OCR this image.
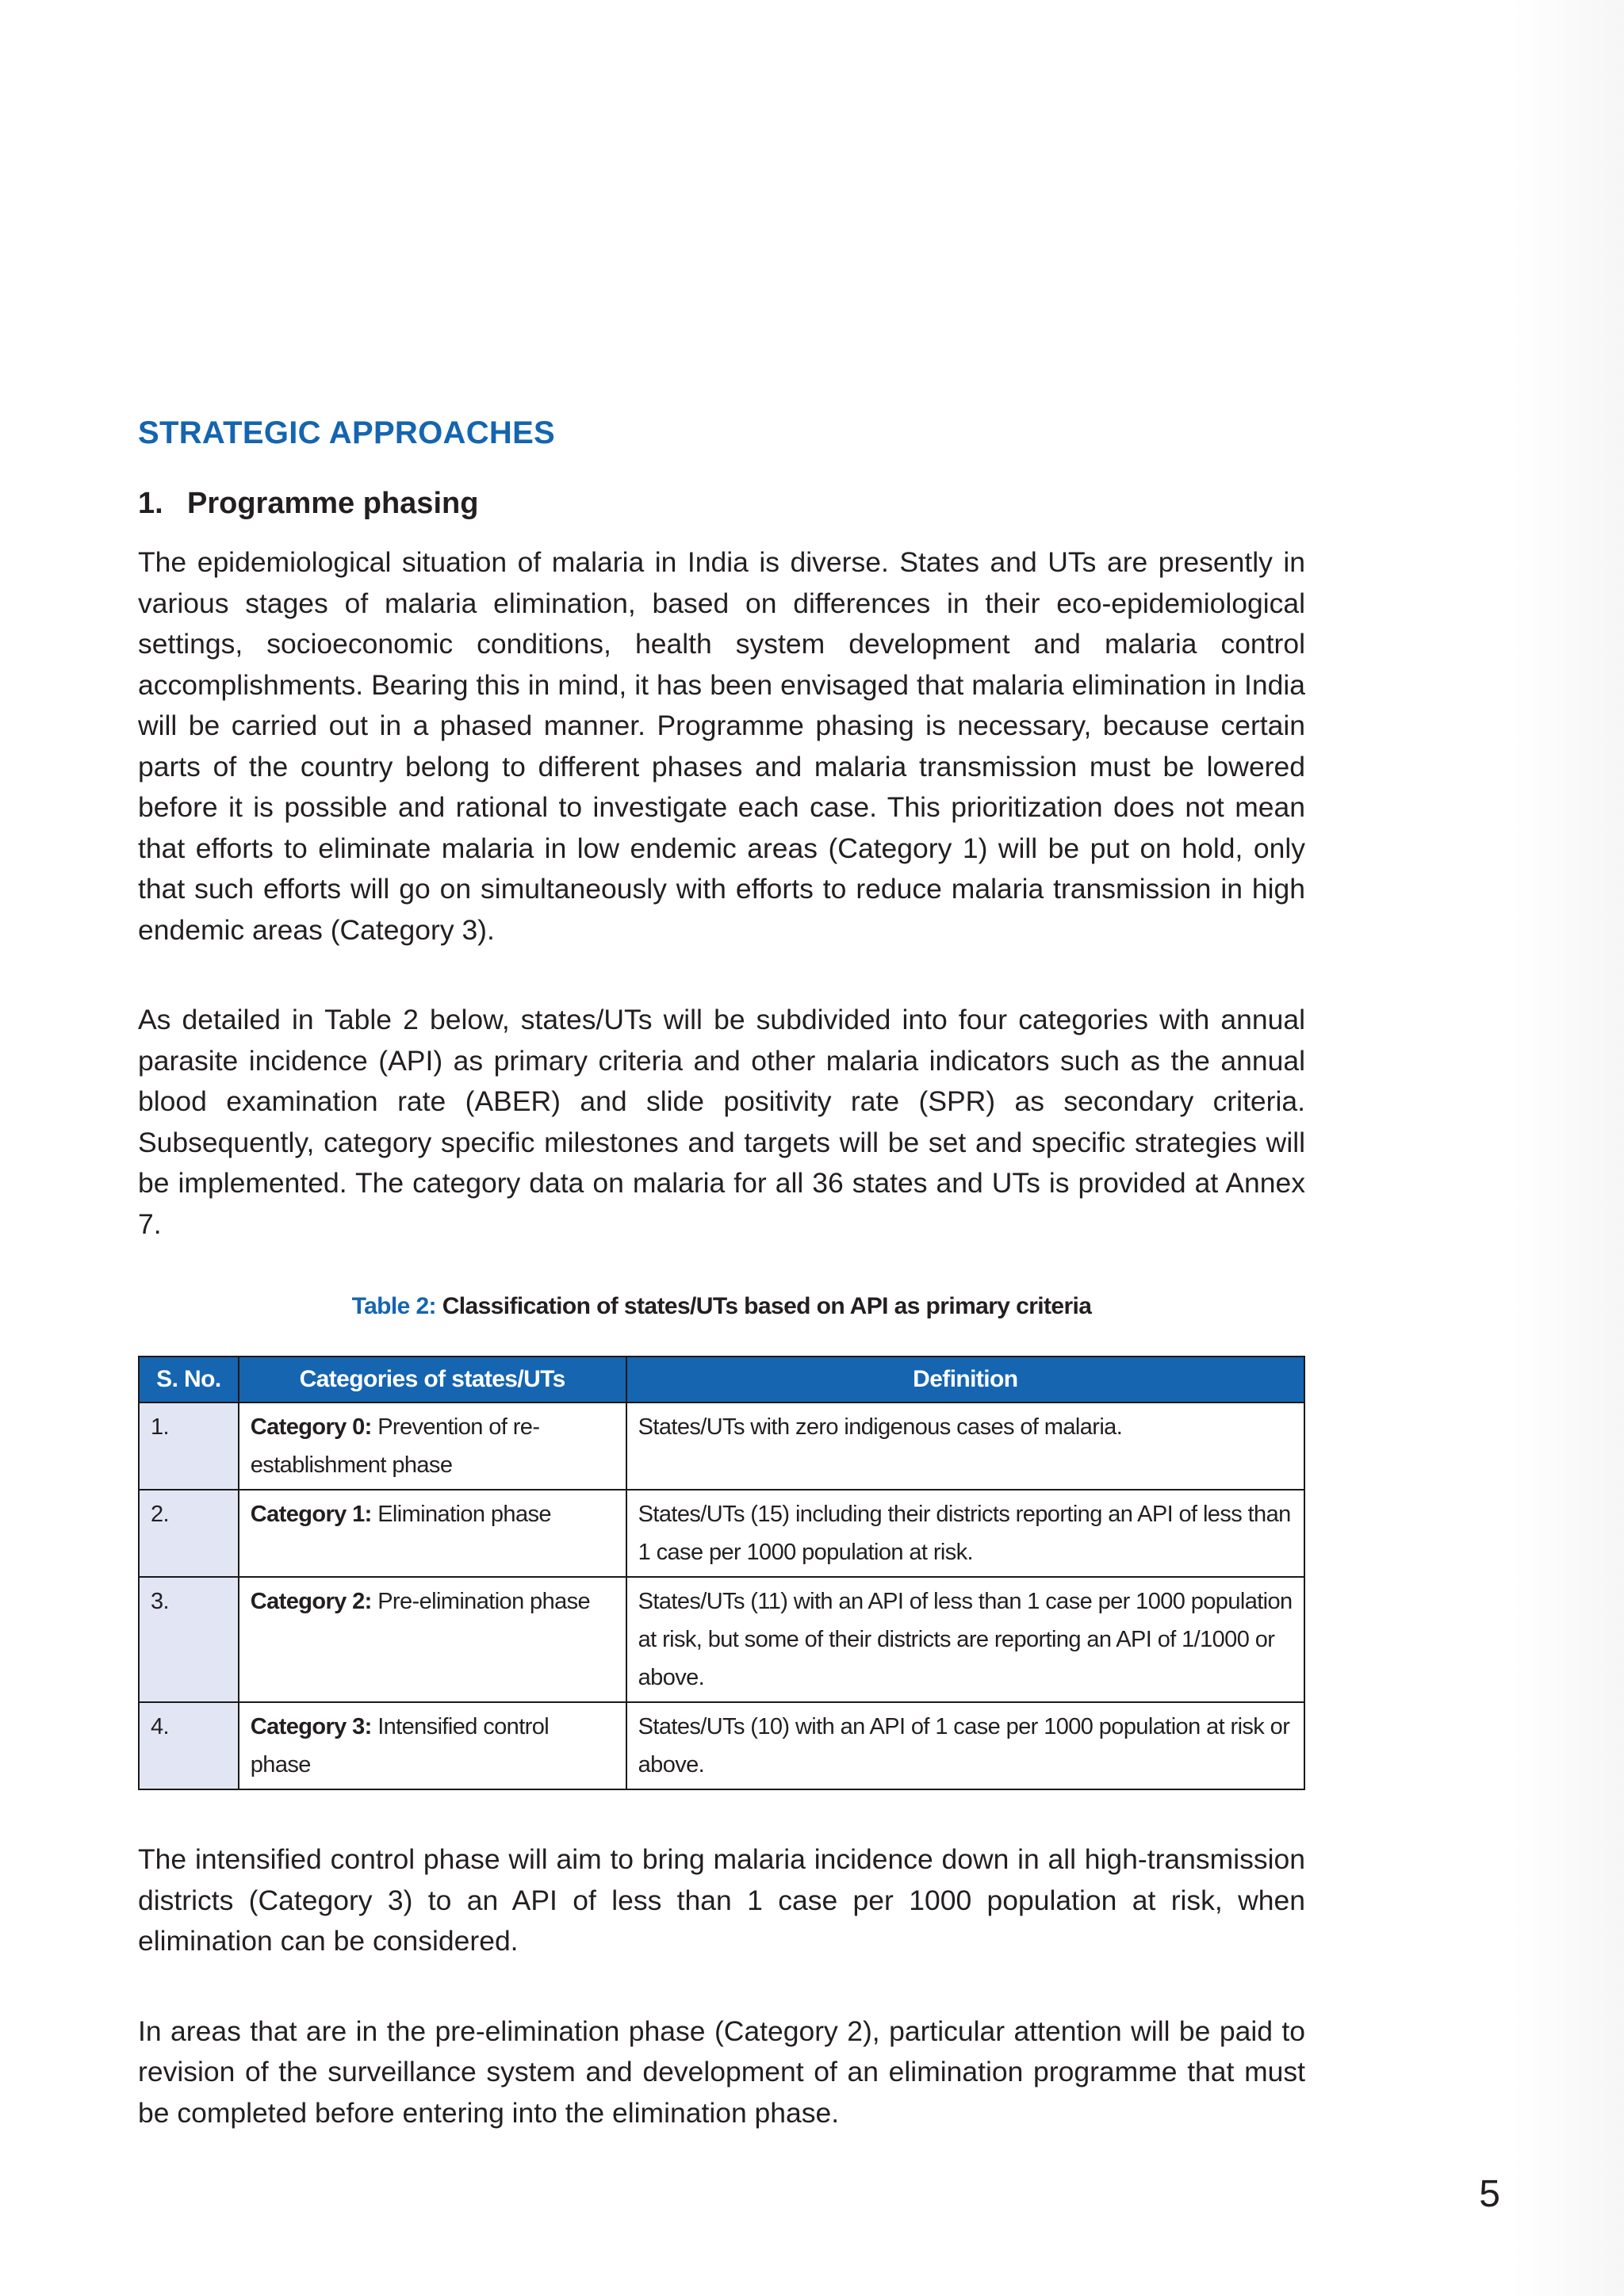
STRATEGIC APPROACHES
1. Programme phasing

The epidemiological situation of malaria in India is diverse. States and UTs are presently in various stages of malaria elimination, based on differences in their eco-epidemiological settings, socioeconomic conditions, health system development and malaria control accomplishments. Bearing this in mind, it has been envisaged that malaria elimination in India will be carried out in a phased manner. Programme phasing is necessary, because certain parts of the country belong to different phases and malaria transmission must be lowered before it is possible and rational to investigate each case. This prioritization does not mean that efforts to eliminate malaria in low endemic areas (Category 1) will be put on hold, only that such efforts will go on simultaneously with efforts to reduce malaria transmission in high endemic areas (Category 3).

As detailed in Table 2 below, states/UTs will be subdivided into four categories with annual parasite incidence (API) as primary criteria and other malaria indicators such as the annual blood examination rate (ABER) and slide positivity rate (SPR) as secondary criteria. Subsequently, category specific milestones and targets will be set and specific strategies will be implemented. The category data on malaria for all 36 states and UTs is provided at Annex 7.

Table 2: Classification of states/UTs based on API as primary criteria
S. No.	Categories of states/UTs	Definition
1.	Category 0: Prevention of re-establishment phase	States/UTs with zero indigenous cases of malaria.
2.	Category 1: Elimination phase	States/UTs (15) including their districts reporting an API of less than 1 case per 1000 population at risk.
3.	Category 2: Pre-elimination phase	States/UTs (11) with an API of less than 1 case per 1000 population at risk, but some of their districts are reporting an API of 1/1000 or above.
4.	Category 3: Intensified control phase	States/UTs (10) with an API of 1 case per 1000 population at risk or above.

The intensified control phase will aim to bring malaria incidence down in all high-transmission districts (Category 3) to an API of less than 1 case per 1000 population at risk, when elimination can be considered.

In areas that are in the pre-elimination phase (Category 2), particular attention will be paid to revision of the surveillance system and development of an elimination programme that must be completed before entering into the elimination phase.

5
